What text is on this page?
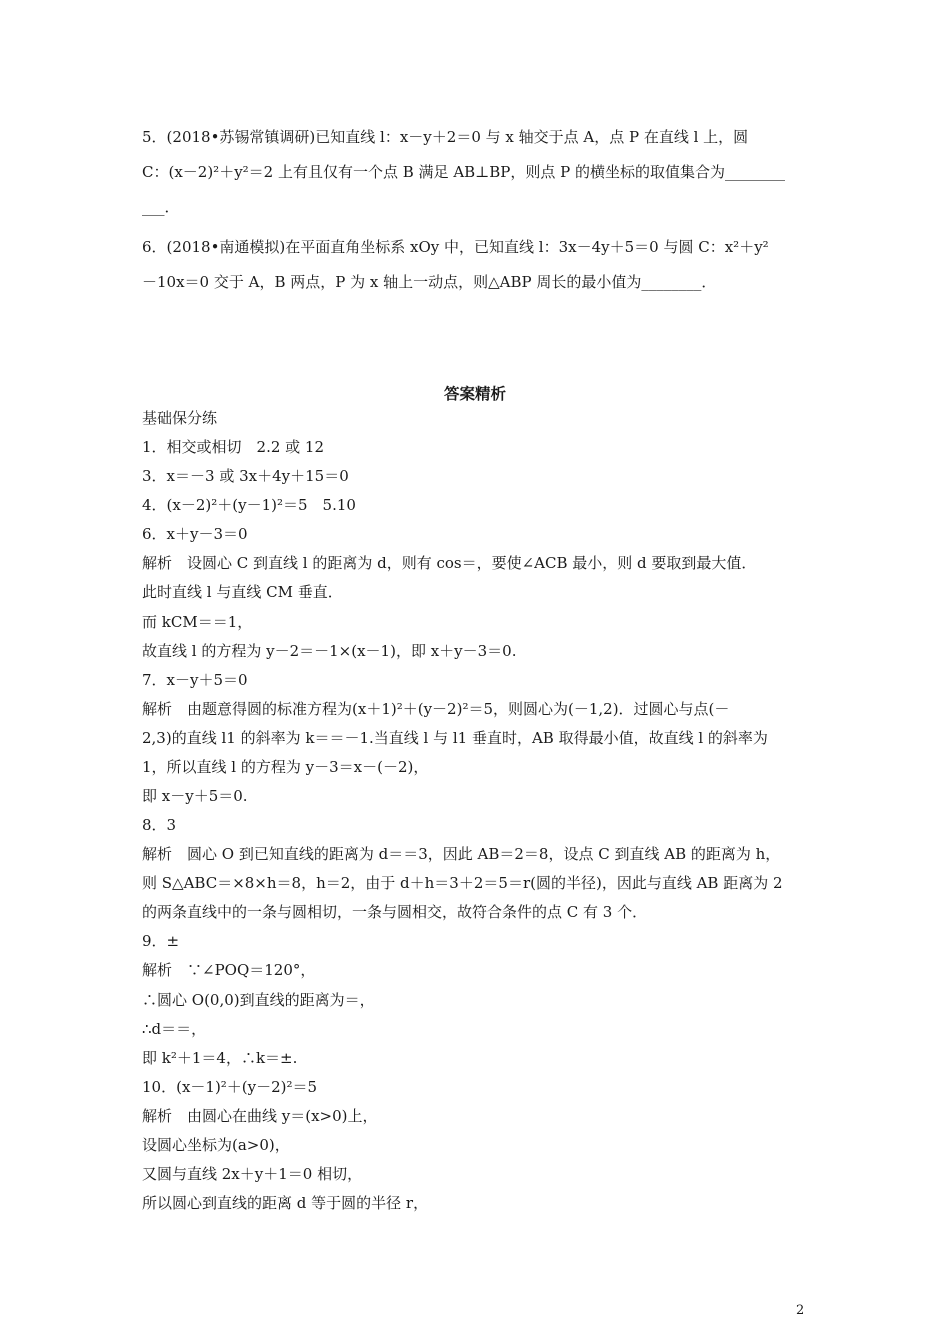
5．(2018•苏锡常镇调研)已知直线 l：x－y＋2＝0 与 x 轴交于点 A，点 P 在直线 l 上，圆

C：(x－2)²＋y²＝2 上有且仅有一个点 B 满足 AB⊥BP，则点 P 的横坐标的取值集合为________

___．

6．(2018•南通模拟)在平面直角坐标系 xOy 中，已知直线 l：3x－4y＋5＝0 与圆 C：x²＋y²

－10x＝0 交于 A，B 两点，P 为 x 轴上一动点，则△ABP 周长的最小值为________．

答案精析

基础保分练

1．相交或相切　2.2 或 12

3．x＝－3 或 3x＋4y＋15＝0

4．(x－2)²＋(y－1)²＝5　5.10

6．x＋y－3＝0

解析　设圆心 C 到直线 l 的距离为 d，则有 cos＝，要使∠ACB 最小，则 d 要取到最大值．

此时直线 l 与直线 CM 垂直．

而 kCM＝＝1，

故直线 l 的方程为 y－2＝－1×(x－1)，即 x＋y－3＝0.

7．x－y＋5＝0

解析　由题意得圆的标准方程为(x＋1)²＋(y－2)²＝5，则圆心为(－1,2)．过圆心与点(－

2,3)的直线 l1 的斜率为 k＝＝－1.当直线 l 与 l1 垂直时，AB 取得最小值，故直线 l 的斜率为

1，所以直线 l 的方程为 y－3＝x－(－2)，

即 x－y＋5＝0.

8．3

解析　圆心 O 到已知直线的距离为 d＝＝3，因此 AB＝2＝8，设点 C 到直线 AB 的距离为 h，

则 S△ABC＝×8×h＝8，h＝2，由于 d＋h＝3＋2＝5＝r(圆的半径)，因此与直线 AB 距离为 2

的两条直线中的一条与圆相切，一条与圆相交，故符合条件的点 C 有 3 个．

9．±

解析　∵∠POQ＝120°，

∴圆心 O(0,0)到直线的距离为＝，

∴d＝＝，

即 k²＋1＝4，∴k＝±.

10．(x－1)²＋(y－2)²＝5

解析　由圆心在曲线 y＝(x>0)上，

设圆心坐标为(a>0)，

又圆与直线 2x＋y＋1＝0 相切，

所以圆心到直线的距离 d 等于圆的半径 r，

2
